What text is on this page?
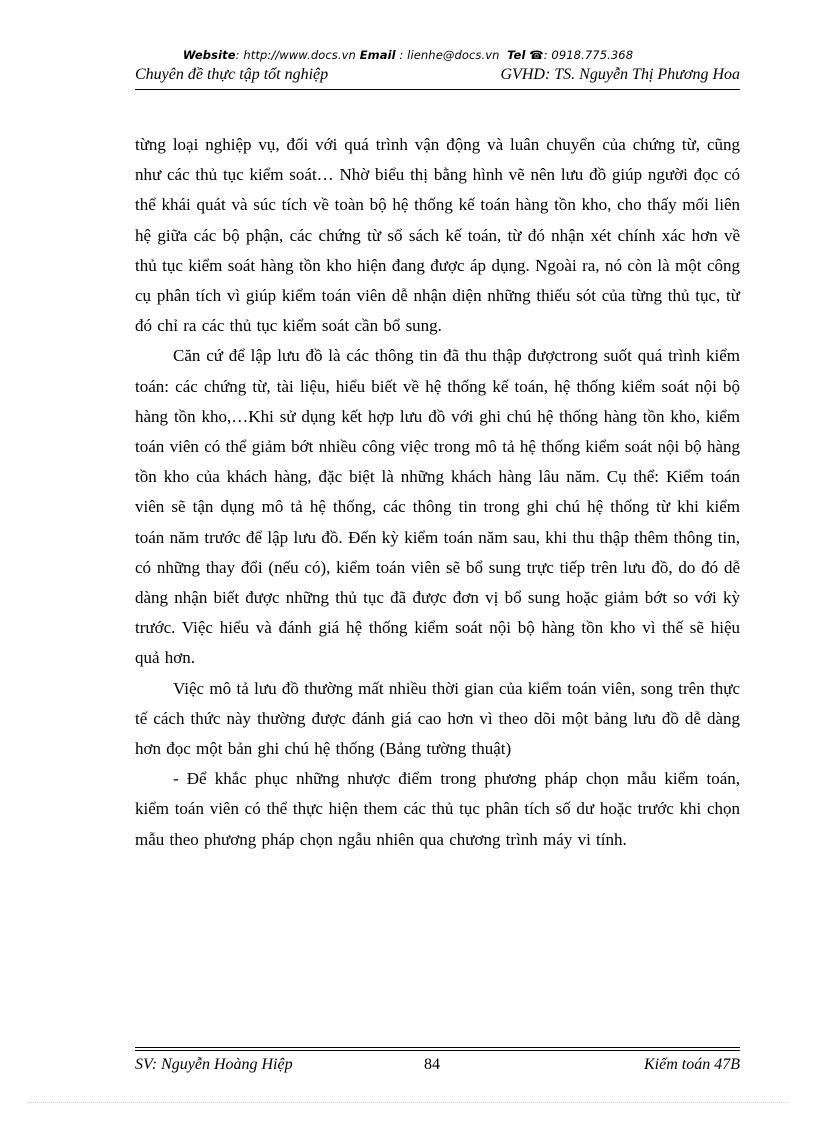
Website: http://www.docs.vn Email : lienhe@docs.vn Tel ☎: 0918.775.368
Chuyên đề thực tập tốt nghiệp	GVHD: TS. Nguyễn Thị Phương Hoa

từng loại nghiệp vụ, đối với quá trình vận động và luân chuyển của chứng từ, cũng như các thủ tục kiểm soát… Nhờ biểu thị bằng hình vẽ nên lưu đồ giúp người đọc có thể khái quát và súc tích về toàn bộ hệ thống kế toán hàng tồn kho, cho thấy mối liên hệ giữa các bộ phận, các chứng từ sổ sách kế toán, từ đó nhận xét chính xác hơn về thủ tục kiểm soát hàng tồn kho hiện đang được áp dụng. Ngoài ra, nó còn là một công cụ phân tích vì giúp kiểm toán viên dễ nhận diện những thiếu sót của từng thủ tục, từ đó chỉ ra các thủ tục kiểm soát cần bổ sung.

Căn cứ để lập lưu đồ là các thông tin đã thu thập đượctrong suốt quá trình kiểm toán: các chứng từ, tài liệu, hiểu biết về hệ thống kế toán, hệ thống kiểm soát nội bộ hàng tồn kho,…Khi sử dụng kết hợp lưu đồ với ghi chú hệ thống hàng tồn kho, kiểm toán viên có thể giảm bớt nhiều công việc trong mô tả hệ thống kiểm soát nội bộ hàng tồn kho của khách hàng, đặc biệt là những khách hàng lâu năm. Cụ thể: Kiểm toán viên sẽ tận dụng mô tả hệ thống, các thông tin trong ghi chú hệ thống từ khi kiểm toán năm trước để lập lưu đồ. Đến kỳ kiểm toán năm sau, khi thu thập thêm thông tin, có những thay đổi (nếu có), kiểm toán viên sẽ bổ sung trực tiếp trên lưu đồ, do đó dễ dàng nhận biết được những thủ tục đã được đơn vị bổ sung hoặc giảm bớt so với kỳ trước. Việc hiểu và đánh giá hệ thống kiểm soát nội bộ hàng tồn kho vì thế sẽ hiệu quả hơn.

Việc mô tả lưu đồ thường mất nhiều thời gian của kiểm toán viên, song trên thực tế cách thức này thường được đánh giá cao hơn vì theo dõi một bảng lưu đồ dễ dàng hơn đọc một bản ghi chú hệ thống (Bảng tường thuật)

- Để khắc phục những nhược điểm trong phương pháp chọn mẫu kiểm toán, kiểm toán viên có thể thực hiện them các thủ tục phân tích số dư hoặc trước khi chọn mẫu theo phương pháp chọn ngẫu nhiên qua chương trình máy vi tính.

SV: Nguyễn Hoàng Hiệp	84	Kiểm toán 47B
